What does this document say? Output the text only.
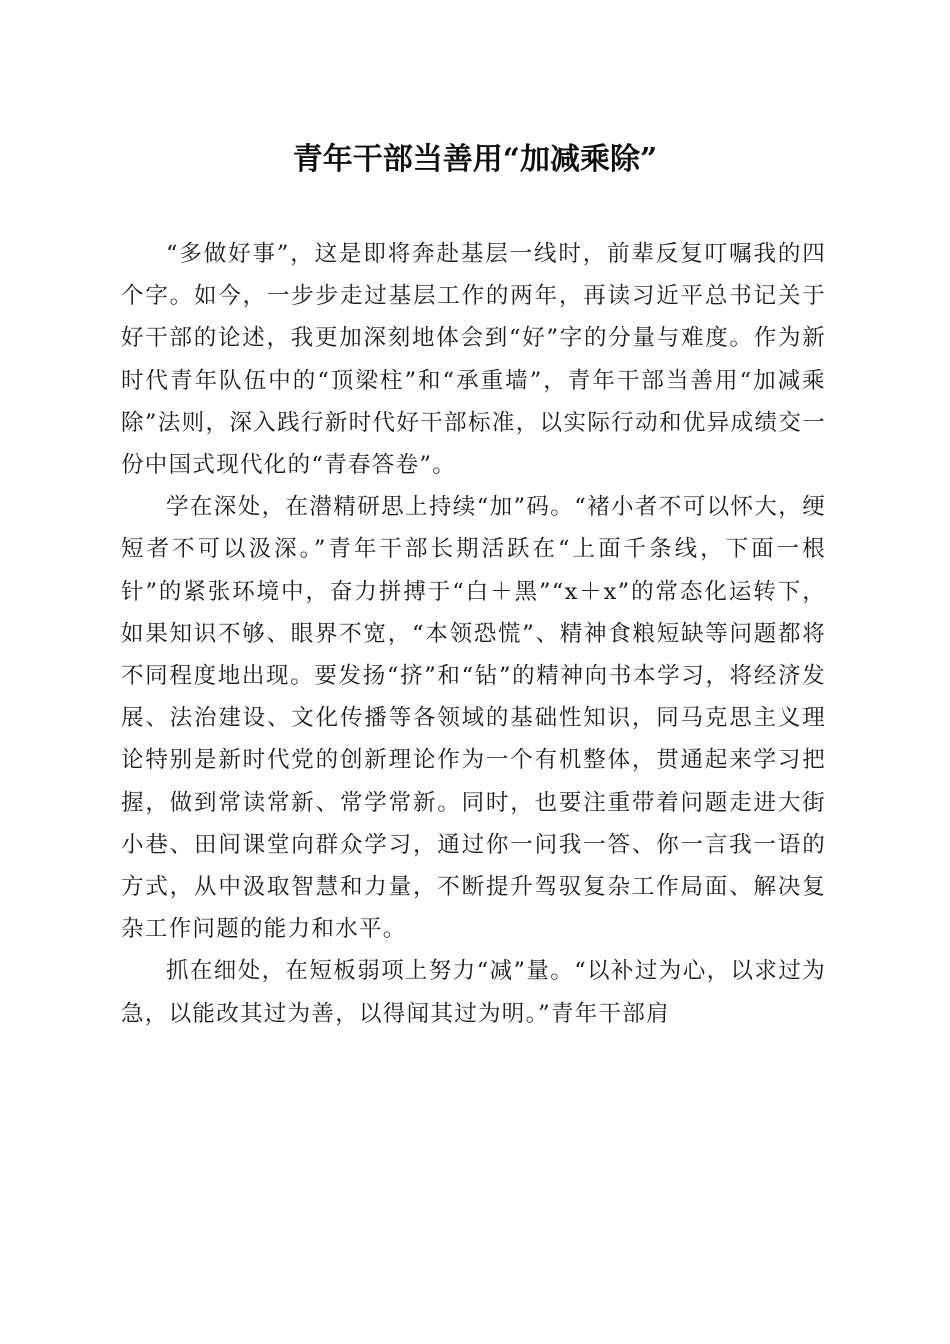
青年干部当善用“加减乘除”

“多做好事”，这是即将奔赴基层一线时，前辈反复叮嘱我的四个字。如今，一步步走过基层工作的两年，再读习近平总书记关于好干部的论述，我更加深刻地体会到“好”字的分量与难度。作为新时代青年队伍中的“顶梁柱”和“承重墙”，青年干部当善用“加减乘除”法则，深入践行新时代好干部标准，以实际行动和优异成绩交一份中国式现代化的“青春答卷”。

学在深处，在潜精研思上持续“加”码。“褚小者不可以怀大，绠短者不可以汲深。”青年干部长期活跃在“上面千条线，下面一根针”的紧张环境中，奋力拼搏于“白＋黑”“x＋x”的常态化运转下，如果知识不够、眼界不宽，“本领恐慌”、精神食粮短缺等问题都将不同程度地出现。要发扬“挤”和“钻”的精神向书本学习，将经济发展、法治建设、文化传播等各领域的基础性知识，同马克思主义理论特别是新时代党的创新理论作为一个有机整体，贯通起来学习把握，做到常读常新、常学常新。同时，也要注重带着问题走进大街小巷、田间课堂向群众学习，通过你一问我一答、你一言我一语的方式，从中汲取智慧和力量，不断提升驾驭复杂工作局面、解决复杂工作问题的能力和水平。

抓在细处，在短板弱项上努力“减”量。“以补过为心，以求过为急，以能改其过为善，以得闻其过为明。”青年干部肩
